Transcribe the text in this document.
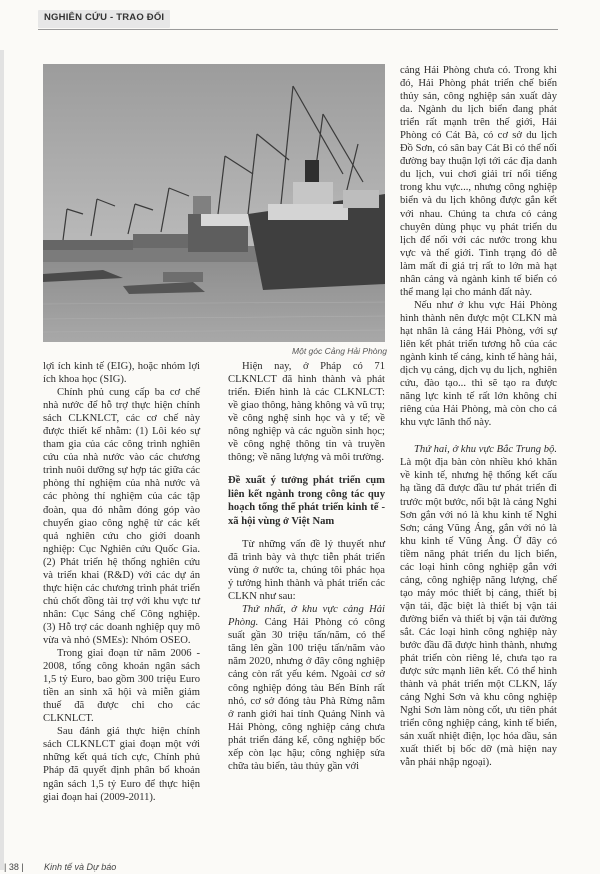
NGHIÊN CỨU - TRAO ĐỔI
Một góc Cảng Hải Phòng

lợi ích kinh tế (EIG), hoặc nhóm lợi ích khoa học (SIG).

Chính phủ cung cấp ba cơ chế nhà nước để hỗ trợ thực hiện chính sách CLKNLCT, các cơ chế này được thiết kế nhằm: (1) Lôi kéo sự tham gia của các công trình nghiên cứu của nhà nước vào các chương trình nuôi dưỡng sự hợp tác giữa các phòng thí nghiệm của nhà nước và các phòng thí nghiệm của các tập đoàn, qua đó nhằm đóng góp vào chuyển giao công nghệ từ các kết quả nghiên cứu cho giới doanh nghiệp: Cục Nghiên cứu Quốc Gia. (2) Phát triển hệ thống nghiên cứu và triển khai (R&D) với các dự án thực hiện các chương trình phát triển chủ chốt đồng tài trợ với khu vực tư nhân: Cục Sáng chế Công nghiệp. (3) Hỗ trợ các doanh nghiệp quy mô vừa và nhỏ (SMEs): Nhóm OSEO.

Trong giai đoạn từ năm 2006 - 2008, tổng công khoản ngân sách 1,5 tỷ Euro, bao gồm 300 triệu Euro tiền an sinh xã hội và miễn giảm thuế đã được chi cho các CLKNLCT.

Sau đánh giá thực hiện chính sách CLKNLCT giai đoạn một với những kết quả tích cực, Chính phủ Pháp đã quyết định phân bổ khoản ngân sách 1,5 tỷ Euro để thực hiện giai đoạn hai (2009-2011).

Hiện nay, ở Pháp có 71 CLKNLCT đã hình thành và phát triển. Điển hình là các CLKNLCT: về giao thông, hàng không và vũ trụ; về công nghệ sinh học và y tế; về nông nghiệp và các nguồn sinh học; về công nghệ thông tin và truyền thông; về năng lượng và môi trường.

Đề xuất ý tưởng phát triển cụm liên kết ngành trong công tác quy hoạch tổng thể phát triển kinh tế - xã hội vùng ở Việt Nam

Từ những vấn đề lý thuyết như đã trình bày và thực tiễn phát triển vùng ở nước ta, chúng tôi phác họa ý tưởng hình thành và phát triển các CLKN như sau:

Thứ nhất, ở khu vực cảng Hải Phòng. Cảng Hải Phòng có công suất gần 30 triệu tấn/năm, có thể tăng lên gần 100 triệu tấn/năm vào năm 2020, nhưng ở đây công nghiệp cảng còn rất yếu kém. Ngoài cơ sở công nghiệp đóng tàu Bến Bính rất nhỏ, cơ sở đóng tàu Phà Rừng nằm ở ranh giới hai tỉnh Quảng Ninh và Hải Phòng, công nghiệp cảng chưa phát triển đáng kể, công nghiệp bốc xếp còn lạc hậu; công nghiệp sửa chữa tàu biển, tàu thủy gần với

cảng Hải Phòng chưa có. Trong khi đó, Hải Phòng phát triển chế biến thủy sản, công nghiệp sản xuất dày da. Ngành du lịch biển đang phát triển rất mạnh trên thế giới, Hải Phòng có Cát Bà, có cơ sở du lịch Đồ Sơn, có sân bay Cát Bi có thể nối đường bay thuận lợi tới các địa danh du lịch, vui chơi giải trí nổi tiếng trong khu vực..., nhưng công nghiệp biển và du lịch không được gắn kết với nhau. Chúng ta chưa có cảng chuyên dùng phục vụ phát triển du lịch để nối với các nước trong khu vực và thế giới. Tình trạng đó dễ làm mất đi giá trị rất to lớn mà hạt nhân cảng và ngành kinh tế biển có thể mang lại cho mảnh đất này.

Nếu như ở khu vực Hải Phòng hình thành nên được một CLKN mà hạt nhân là cảng Hải Phòng, với sự liên kết phát triển tương hỗ của các ngành kinh tế cảng, kinh tế hàng hải, dịch vụ cảng, dịch vụ du lịch, nghiên cứu, đào tạo... thì sẽ tạo ra được năng lực kinh tế rất lớn không chỉ riêng của Hải Phòng, mà còn cho cả khu vực lãnh thổ này.

Thứ hai, ở khu vực Bắc Trung bộ. Là một địa bàn còn nhiều khó khăn về kinh tế, nhưng hệ thống kết cấu hạ tầng đã được đầu tư phát triển đi trước một bước, nổi bật là cảng Nghi Sơn gắn với nó là khu kinh tế Nghi Sơn; cảng Vũng Áng, gắn với nó là khu kinh tế Vũng Áng. Ở đây có tiềm năng phát triển du lịch biển, các loại hình công nghiệp gắn với cảng, công nghiệp năng lượng, chế tạo máy móc thiết bị cảng, thiết bị vận tải, đặc biệt là thiết bị vận tải đường biển và thiết bị vận tải đường sắt. Các loại hình công nghiệp này bước đầu đã được hình thành, nhưng phát triển còn riêng lẻ, chưa tạo ra được sức mạnh liên kết. Có thể hình thành và phát triển một CLKN, lấy cảng Nghi Sơn và khu công nghiệp Nghi Sơn làm nòng cốt, ưu tiên phát triển công nghiệp cảng, kinh tế biển, sản xuất nhiệt điện, lọc hóa dầu, sản xuất thiết bị bốc dỡ (mà hiện nay vẫn phải nhập ngoại).

| 38 | Kinh tế và Dự báo
